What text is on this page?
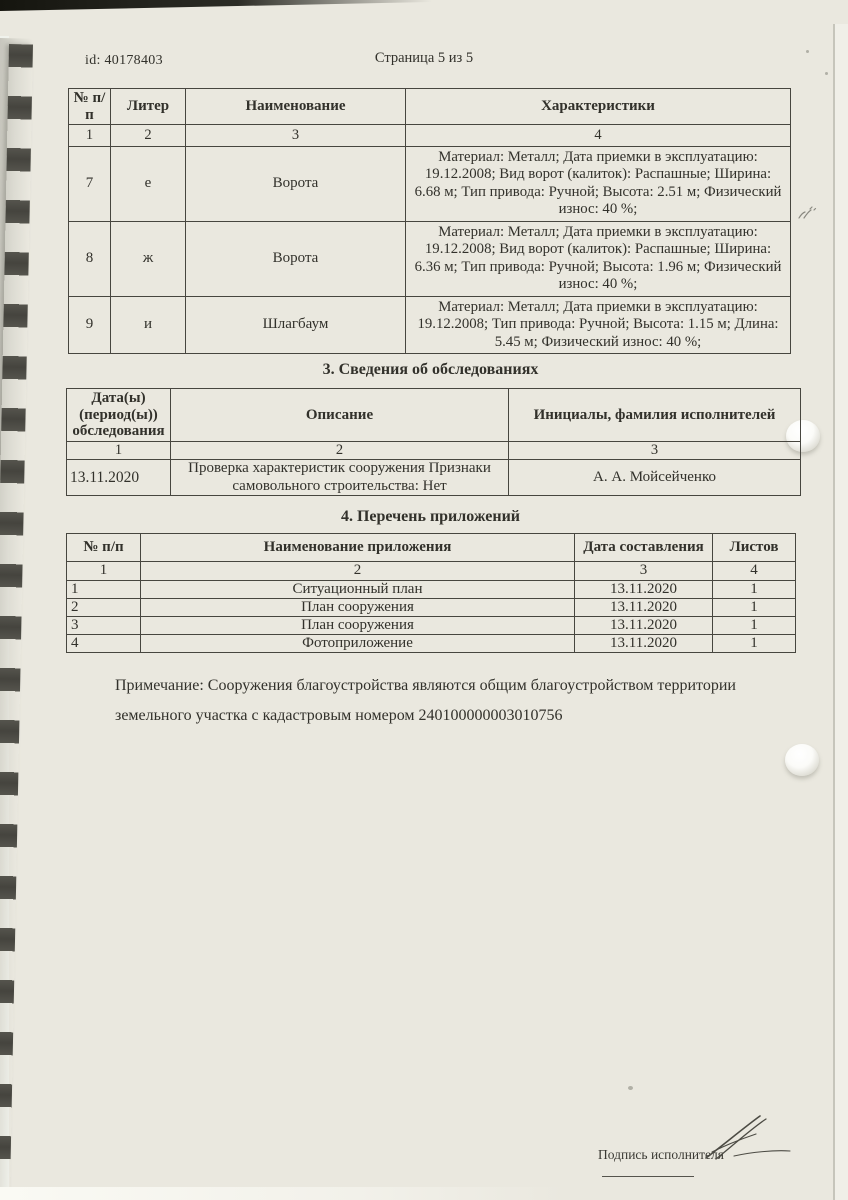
id: 40178403	Страница 5 из 5
№ п/п	Литер	Наименование	Характеристики
1	2	3	4
7	е	Ворота	Материал: Металл; Дата приемки в эксплуатацию: 19.12.2008; Вид ворот (калиток): Распашные; Ширина: 6.68 м; Тип привода: Ручной; Высота: 2.51 м; Физический износ: 40 %;
8	ж	Ворота	Материал: Металл; Дата приемки в эксплуатацию: 19.12.2008; Вид ворот (калиток): Распашные; Ширина: 6.36 м; Тип привода: Ручной; Высота: 1.96 м; Физический износ: 40 %;
9	и	Шлагбаум	Материал: Металл; Дата приемки в эксплуатацию: 19.12.2008; Тип привода: Ручной; Высота: 1.15 м; Длина: 5.45 м; Физический износ: 40 %;
3. Сведения об обследованиях
Дата(ы) (период(ы)) обследования	Описание	Инициалы, фамилия исполнителей
1	2	3
13.11.2020	Проверка характеристик сооружения Признаки самовольного строительства: Нет	А. А. Мойсейченко
4. Перечень приложений
№ п/п	Наименование приложения	Дата составления	Листов
1	2	3	4
1	Ситуационный план	13.11.2020	1
2	План сооружения	13.11.2020	1
3	План сооружения	13.11.2020	1
4	Фотоприложение	13.11.2020	1
Примечание: Сооружения благоустройства являются общим благоустройством территории
земельного участка с кадастровым номером 240100000003010756
Подпись исполнителя
